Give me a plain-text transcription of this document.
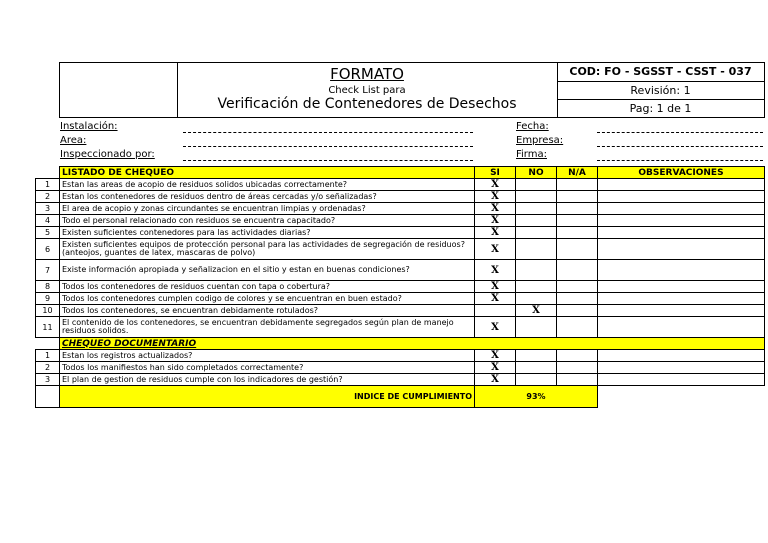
FORMATO
Check List para
Verificación de Contenedores de Desechos
COD: FO - SGSST - CSST - 037
Revisión: 1
Pag: 1 de 1
Instalación:
Area:
Inspeccionado por:
Fecha:
Empresa:
Firma:
	LISTADO DE CHEQUEO	SI	NO	N/A	OBSERVACIONES
1	Estan las areas de acopio de residuos solidos ubicadas correctamente?	X			
2	Estan los contenedores de residuos dentro de áreas cercadas y/o señalizadas?	X			
3	El area de acopio y zonas circundantes se encuentran limpias y ordenadas?	X			
4	Todo el personal relacionado con residuos se encuentra capacitado?	X			
5	Existen suficientes contenedores para las actividades diarias?	X			
6	Existen suficientes equipos de protección personal para las actividades de segregación de residuos? (anteojos, guantes de latex, mascaras de polvo)	X			
7	Existe información apropiada y señalizacion en el sitio y estan en buenas condiciones?	X			
8	Todos los contenedores de residuos cuentan con tapa o cobertura?	X			
9	Todos los contenedores cumplen codigo de colores y se encuentran en buen estado?	X			
10	Todos los contenedores, se encuentran debidamente rotulados?		X		
11	El contenido de los contenedores, se encuentran debidamente segregados según plan de manejo residuos solidos.	X			
	CHEQUEO DOCUMENTARIO				
1	Estan los registros actualizados?	X			
2	Todos los manifiestos han sido completados correctamente?	X			
3	El plan de gestion de residuos cumple con los indicadores de gestión?	X			
	INDICE DE CUMPLIMIENTO	93%			
